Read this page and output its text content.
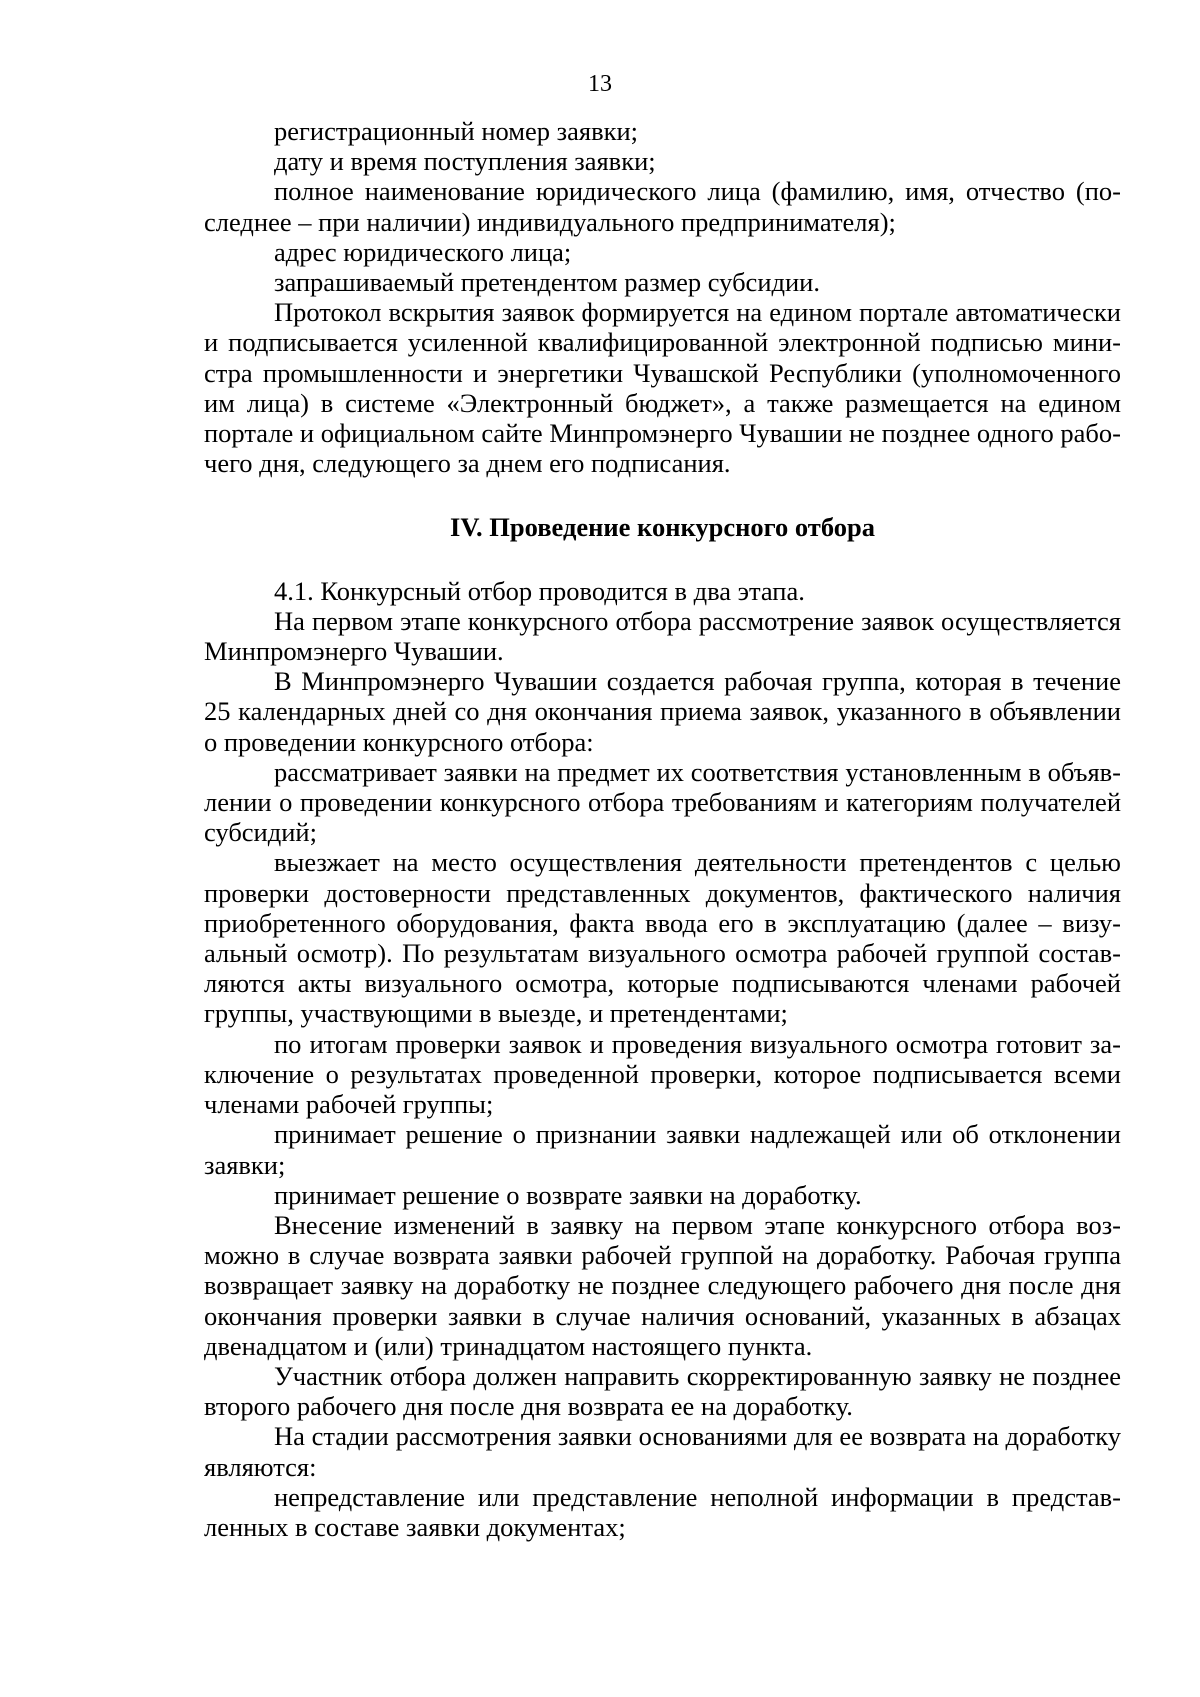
13

регистрационный номер заявки;

дату и время поступления заявки;

полное наименование юридического лица (фамилию, имя, отчество (последнее – при наличии) индивидуального предпринимателя);

адрес юридического лица;

запрашиваемый претендентом размер субсидии.

Протокол вскрытия заявок формируется на едином портале автоматически и подписывается усиленной квалифицированной электронной подписью министра промышленности и энергетики Чувашской Республики (уполномоченного им лица) в системе «Электронный бюджет», а также размещается на едином портале и официальном сайте Минпромэнерго Чувашии не позднее одного рабочего дня, следующего за днем его подписания.

IV. Проведение конкурсного отбора

4.1. Конкурсный отбор проводится в два этапа.

На первом этапе конкурсного отбора рассмотрение заявок осуществляется Минпромэнерго Чувашии.

В Минпромэнерго Чувашии создается рабочая группа, которая в течение 25 календарных дней со дня окончания приема заявок, указанного в объявлении о проведении конкурсного отбора:

рассматривает заявки на предмет их соответствия установленным в объявлении о проведении конкурсного отбора требованиям и категориям получателей субсидий;

выезжает на место осуществления деятельности претендентов с целью проверки достоверности представленных документов, фактического наличия приобретенного оборудования, факта ввода его в эксплуатацию (далее – визуальный осмотр). По результатам визуального осмотра рабочей группой составляются акты визуального осмотра, которые подписываются членами рабочей группы, участвующими в выезде, и претендентами;

по итогам проверки заявок и проведения визуального осмотра готовит заключение о результатах проведенной проверки, которое подписывается всеми членами рабочей группы;

принимает решение о признании заявки надлежащей или об отклонении заявки;

принимает решение о возврате заявки на доработку.

Внесение изменений в заявку на первом этапе конкурсного отбора возможно в случае возврата заявки рабочей группой на доработку. Рабочая группа возвращает заявку на доработку не позднее следующего рабочего дня после дня окончания проверки заявки в случае наличия оснований, указанных в абзацах двенадцатом и (или) тринадцатом настоящего пункта.

Участник отбора должен направить скорректированную заявку не позднее второго рабочего дня после дня возврата ее на доработку.

На стадии рассмотрения заявки основаниями для ее возврата на доработку являются:

непредставление или представление неполной информации в представленных в составе заявки документах;
